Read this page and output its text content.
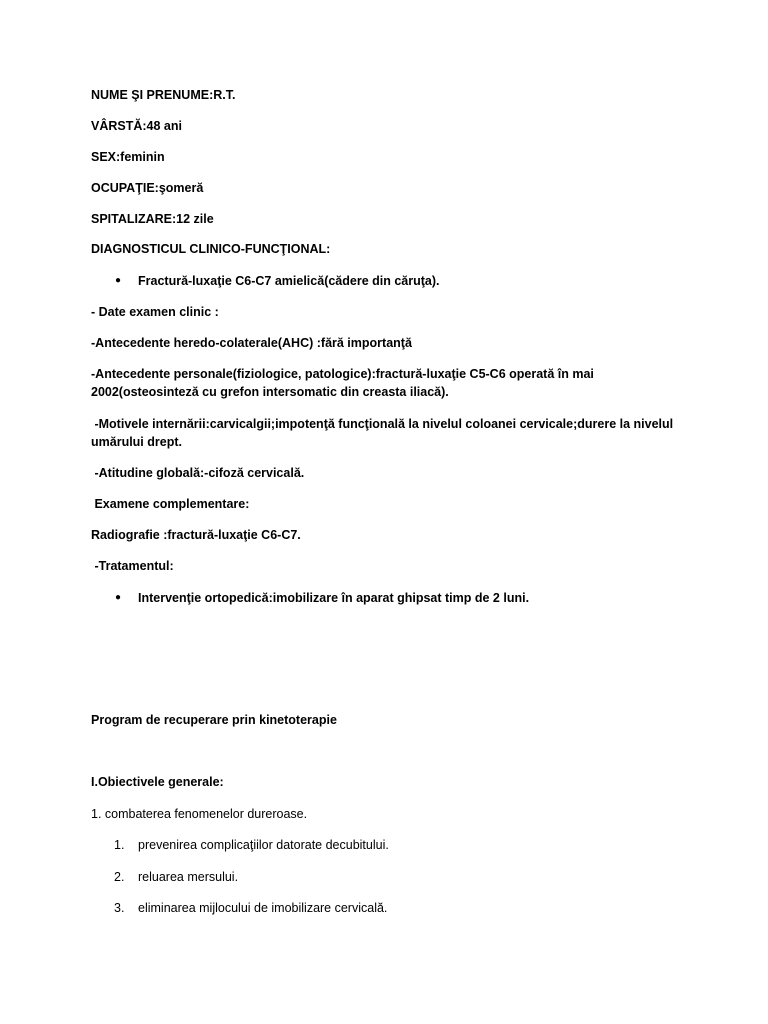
NUME ŞI PRENUME:R.T.
VÂRSTĂ:48 ani
SEX:feminin
OCUPAŢIE:şomeră
SPITALIZARE:12 zile
DIAGNOSTICUL CLINICO-FUNCŢIONAL:
● Fractură-luxaţie C6-C7 amielică(cădere din căruţa).
- Date examen clinic :
-Antecedente heredo-colaterale(AHC) :fără importanţă
-Antecedente personale(fiziologice, patologice):fractură-luxaţie C5-C6 operată în mai
2002(osteosinteză cu grefon intersomatic din creasta iliacă).
-Motivele internării:carvicalgii;impotenţă funcţională la nivelul coloanei cervicale;durere la nivelul
umărului drept.
-Atitudine globală:-cifoză cervicală.
Examene complementare:
Radiografie :fractură-luxaţie C6-C7.
-Tratamentul:
● Intervenţie ortopedică:imobilizare în aparat ghipsat timp de 2 luni.
Program de recuperare prin kinetoterapie
I.Obiectivele generale:
1. combaterea fenomenelor dureroase.
1. prevenirea complicaţiilor datorate decubitului.
2. reluarea mersului.
3. eliminarea mijlocului de imobilizare cervicală.
